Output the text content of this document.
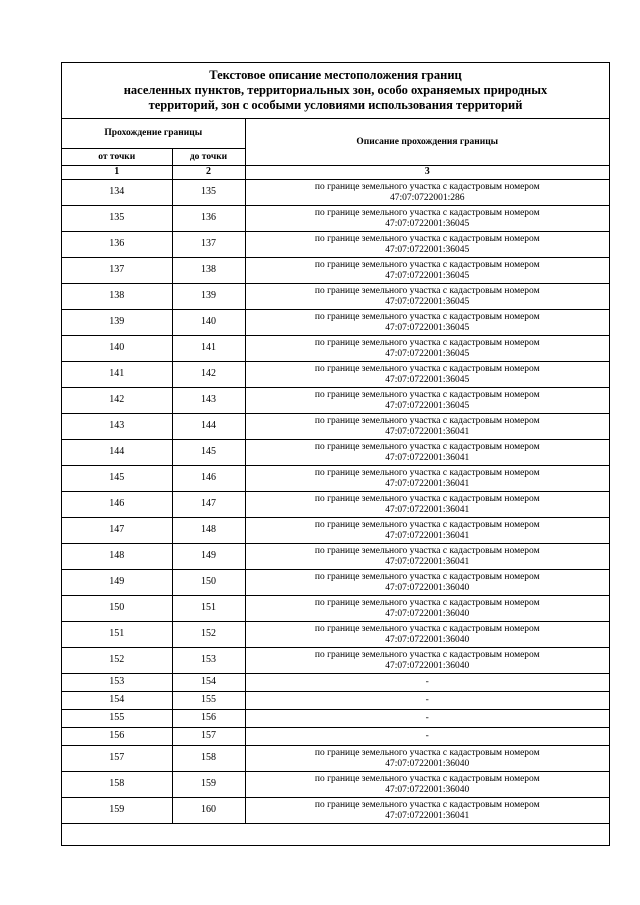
Текстовое описание местоположения границ
населенных пунктов, территориальных зон, особо охраняемых природных
территорий, зон с особыми условиями использования территорий
Прохождение границы		Описание прохождения границы
от точки	до точки	
1	2	3
134	135	по границе земельного участка с кадастровым номером
47:07:0722001:286

135	136	по границе земельного участка с кадастровым номером
47:07:0722001:36045

136	137	по границе земельного участка с кадастровым номером
47:07:0722001:36045

137	138	по границе земельного участка с кадастровым номером
47:07:0722001:36045

138	139	по границе земельного участка с кадастровым номером
47:07:0722001:36045

139	140	по границе земельного участка с кадастровым номером
47:07:0722001:36045

140	141	по границе земельного участка с кадастровым номером
47:07:0722001:36045

141	142	по границе земельного участка с кадастровым номером
47:07:0722001:36045

142	143	по границе земельного участка с кадастровым номером
47:07:0722001:36045

143	144	по границе земельного участка с кадастровым номером
47:07:0722001:36041

144	145	по границе земельного участка с кадастровым номером
47:07:0722001:36041

145	146	по границе земельного участка с кадастровым номером
47:07:0722001:36041

146	147	по границе земельного участка с кадастровым номером
47:07:0722001:36041

147	148	по границе земельного участка с кадастровым номером
47:07:0722001:36041

148	149	по границе земельного участка с кадастровым номером
47:07:0722001:36041

149	150	по границе земельного участка с кадастровым номером
47:07:0722001:36040

150	151	по границе земельного участка с кадастровым номером
47:07:0722001:36040

151	152	по границе земельного участка с кадастровым номером
47:07:0722001:36040

152	153	по границе земельного участка с кадастровым номером
47:07:0722001:36040

153	154	-

154	155	-

155	156	-

156	157	-

157	158	по границе земельного участка с кадастровым номером
47:07:0722001:36040

158	159	по границе земельного участка с кадастровым номером
47:07:0722001:36040

159	160	по границе земельного участка с кадастровым номером
47:07:0722001:36041
